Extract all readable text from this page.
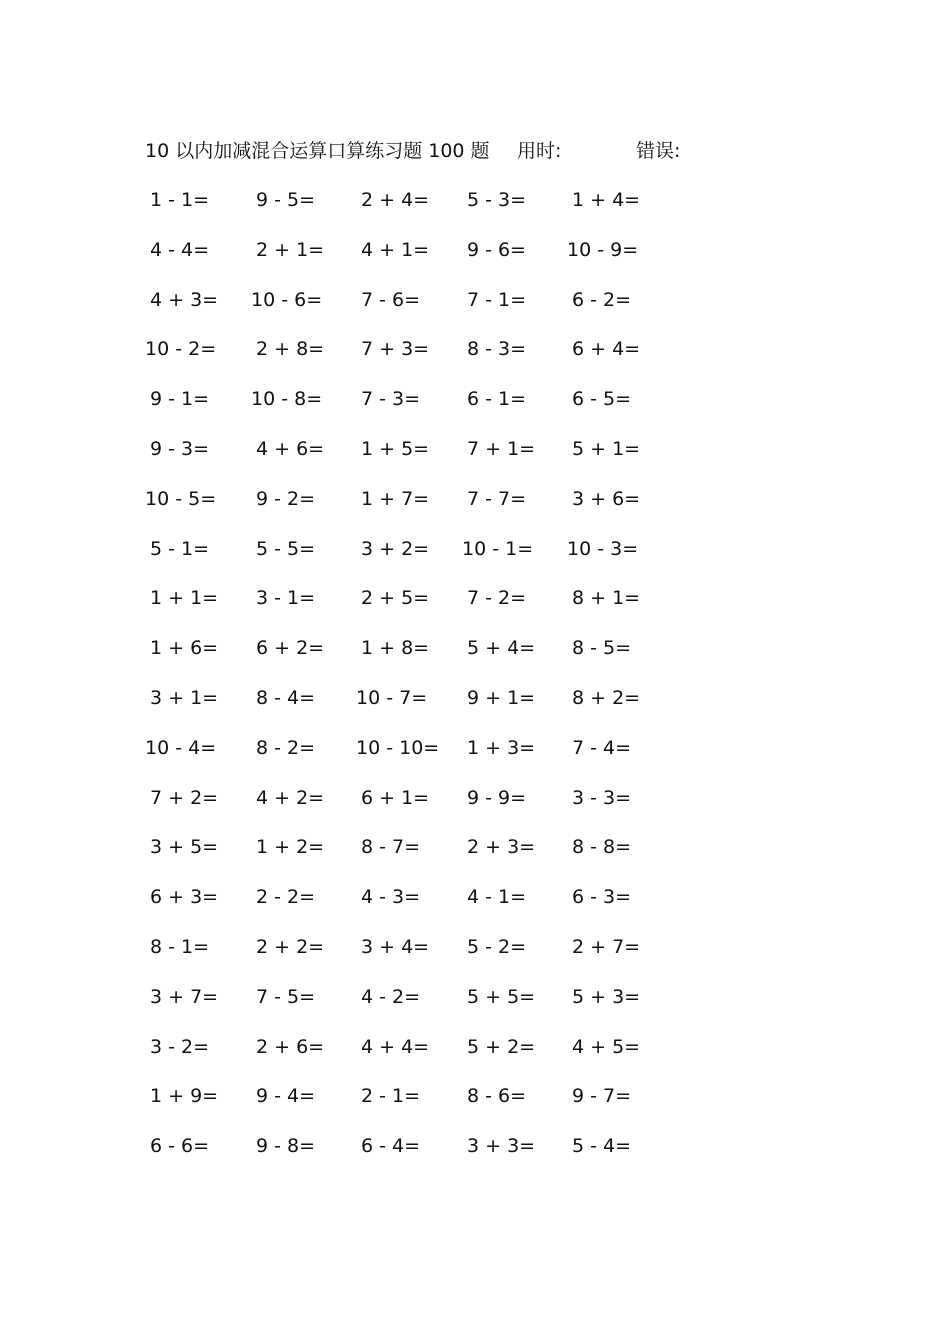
10 以内加减混合运算口算练习题 100 题 用时:	错误:
1 - 1= 9 - 5= 2 + 4= 5 - 3= 1 + 4=
4 - 4= 2 + 1= 4 + 1= 9 - 6= 10 - 9=
4 + 3= 10 - 6= 7 - 6= 7 - 1= 6 - 2=
10 - 2= 2 + 8= 7 + 3= 8 - 3= 6 + 4=
9 - 1= 10 - 8= 7 - 3= 6 - 1= 6 - 5=
9 - 3= 4 + 6= 1 + 5= 7 + 1= 5 + 1=
10 - 5= 9 - 2= 1 + 7= 7 - 7= 3 + 6=
5 - 1= 5 - 5= 3 + 2= 10 - 1= 10 - 3=
1 + 1= 3 - 1= 2 + 5= 7 - 2= 8 + 1=
1 + 6= 6 + 2= 1 + 8= 5 + 4= 8 - 5=
3 + 1= 8 - 4= 10 - 7= 9 + 1= 8 + 2=
10 - 4= 8 - 2= 10 - 10= 1 + 3= 7 - 4=
7 + 2= 4 + 2= 6 + 1= 9 - 9= 3 - 3=
3 + 5= 1 + 2= 8 - 7= 2 + 3= 8 - 8=
6 + 3= 2 - 2= 4 - 3= 4 - 1= 6 - 3=
8 - 1= 2 + 2= 3 + 4= 5 - 2= 2 + 7=
3 + 7= 7 - 5= 4 - 2= 5 + 5= 5 + 3=
3 - 2= 2 + 6= 4 + 4= 5 + 2= 4 + 5=
1 + 9= 9 - 4= 2 - 1= 8 - 6= 9 - 7=
6 - 6= 9 - 8= 6 - 4= 3 + 3= 5 - 4=
